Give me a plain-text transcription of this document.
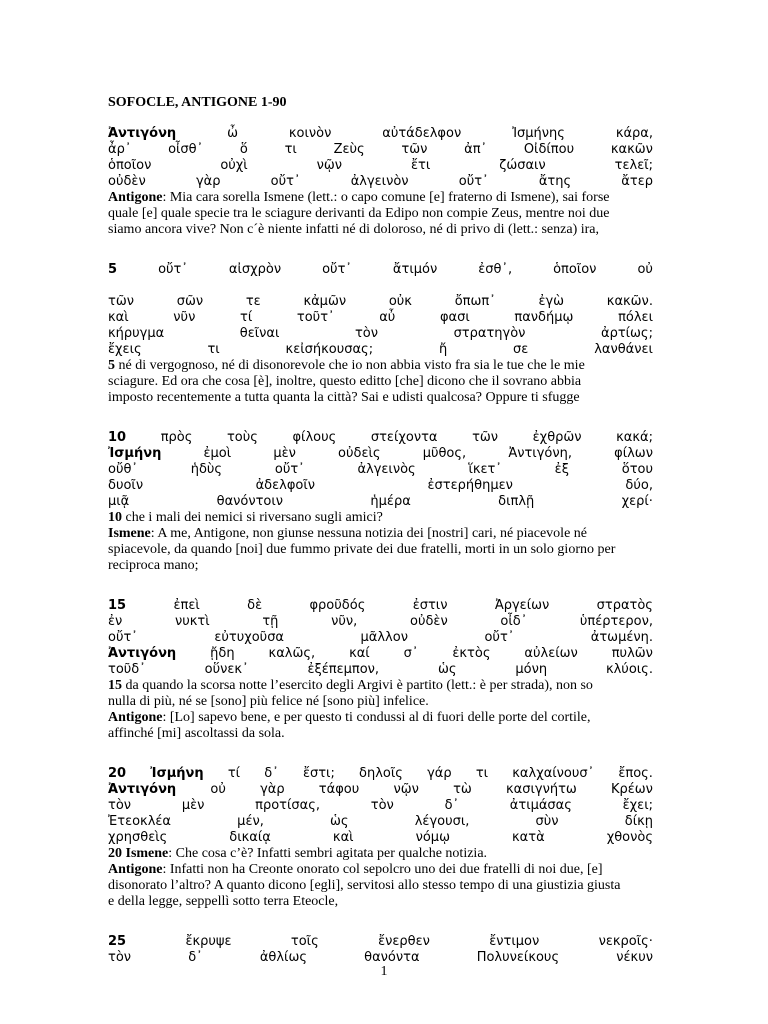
SOFOCLE, ANTIGONE 1-90
Ἀντιγόνη	ὦ	κοινὸν	αὐτάδελφον	Ἰσμήνης	κάρα,
ἆρ᾽	οἶσθ᾽	ὅ	τι	Ζεὺς	τῶν	ἀπ᾽	Οἰδίπου	κακῶν
ὁποῖον	οὐχὶ	νῷν	ἔτι	ζώσαιν	τελεῖ;
οὐδὲν	γὰρ	οὔτ᾽	ἀλγεινὸν	οὔτ᾽	ἄτης	ἄτερ

Antigone: Mia cara sorella Ismene (lett.: o capo comune [e] fraterno di Ismene), sai forse
quale [e] quale specie tra le sciagure derivanti da Edipo non compie Zeus, mentre noi due
siamo ancora vive? Non c´è niente infatti né di doloroso, né di privo di (lett.: senza) ira,

5	οὔτ᾽	αἰσχρὸν	οὔτ᾽	ἄτιμόν	ἐσθ᾽,	ὁποῖον	οὐ
τῶν	σῶν	τε	κἀμῶν	οὐκ	ὄπωπ᾽	ἐγὼ	κακῶν.
καὶ	νῦν	τί	τοῦτ᾽	αὖ	φασι	πανδήμῳ	πόλει
κήρυγμα	θεῖναι	τὸν	στρατηγὸν	ἀρτίως;
ἔχεις	τι	κεἰσήκουσας;	ἤ	σε	λανθάνει

5 né di vergognoso, né di disonorevole che io non abbia visto fra sia le tue che le mie
sciagure. Ed ora che cosa [è], inoltre, questo editto [che] dicono che il sovrano abbia
imposto recentemente a tutta quanta la città? Sai e udisti qualcosa? Oppure ti sfugge

10	πρὸς	τοὺς	φίλους	στείχοντα	τῶν	ἐχθρῶν	κακά;
Ἰσμήνη	ἐμοὶ	μὲν	οὐδεὶς	μῦθος,	Ἀντιγόνη,	φίλων
οὔθ᾽	ἡδὺς	οὔτ᾽	ἀλγεινὸς	ἵκετ᾽	ἐξ	ὅτου
δυοῖν	ἀδελφοῖν	ἐστερήθημεν	δύο,
μιᾷ	θανόντοιν	ἡμέρα	διπλῇ	χερί·

10 che i mali dei nemici si riversano sugli amici?
Ismene: A me, Antigone, non giunse nessuna notizia dei [nostri] cari, né piacevole né
spiacevole, da quando [noi] due fummo private dei due fratelli, morti in un solo giorno per
reciproca mano;

15	ἐπεὶ	δὲ	φροῦδός	ἐστιν	Ἀργείων	στρατὸς
ἐν	νυκτὶ	τῇ	νῦν,	οὐδὲν	οἶδ᾽	ὑπέρτερον,
οὔτ᾽	εὐτυχοῦσα	μᾶλλον	οὔτ᾽	ἀτωμένη.
Ἀντιγόνη	ᾔδη	καλῶς,	καί	σ᾽	ἐκτὸς	αὐλείων	πυλῶν
τοῦδ᾽	οὕνεκ᾽	ἐξέπεμπον,	ὡς	μόνη	κλύοις.

15 da quando la scorsa notte l’esercito degli Argivi è partito (lett.: è per strada), non so
nulla di più, né se [sono] più felice né [sono più] infelice.
Antigone: [Lo] sapevo bene, e per questo ti condussi al di fuori delle porte del cortile,
affinché [mi] ascoltassi da sola.

20 Ἰσμήνη τί δ᾽ ἔστι; δηλοῖς γάρ τι καλχαίνουσ᾽ ἔπος.
Ἀντιγόνη	οὐ	γὰρ	τάφου	νῷν	τὼ	κασιγνήτω	Κρέων
τὸν	μὲν	προτίσας,	τὸν	δ᾽	ἀτιμάσας	ἔχει;
Ἐτεοκλέα	μέν,	ὡς	λέγουσι,	σὺν	δίκῃ
χρησθεὶς	δικαίᾳ	καὶ	νόμῳ	κατὰ	χθονὸς

20 Ismene: Che cosa c’è? Infatti sembri agitata per qualche notizia.
Antigone: Infatti non ha Creonte onorato col sepolcro uno dei due fratelli di noi due, [e]
disonorato l’altro? A quanto dicono [egli], servitosi allo stesso tempo di una giustizia giusta
e della legge, seppellì sotto terra Eteocle,

25	ἔκρυψε	τοῖς	ἔνερθεν	ἔντιμον	νεκροῖς·
τὸν	δ᾽	ἀθλίως	θανόντα	Πολυνείκους	νέκυν
1
